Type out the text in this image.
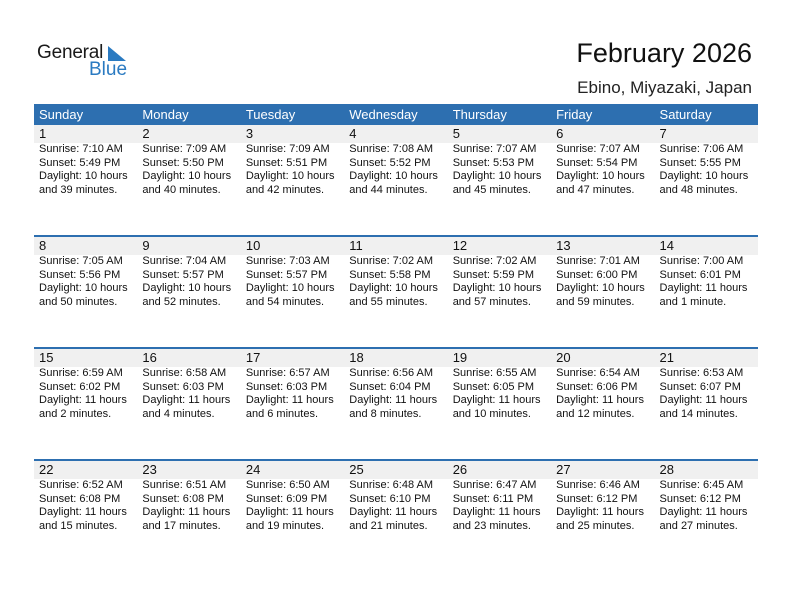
General
Blue
February 2026
Ebino, Miyazaki, Japan
Sunday	Monday	Tuesday	Wednesday	Thursday	Friday	Saturday
1	2	3	4	5	6	7
Sunrise: 7:10 AM
Sunset: 5:49 PM
Daylight: 10 hours
and 39 minutes.
Sunrise: 7:09 AM
Sunset: 5:50 PM
Daylight: 10 hours
and 40 minutes.
Sunrise: 7:09 AM
Sunset: 5:51 PM
Daylight: 10 hours
and 42 minutes.
Sunrise: 7:08 AM
Sunset: 5:52 PM
Daylight: 10 hours
and 44 minutes.
Sunrise: 7:07 AM
Sunset: 5:53 PM
Daylight: 10 hours
and 45 minutes.
Sunrise: 7:07 AM
Sunset: 5:54 PM
Daylight: 10 hours
and 47 minutes.
Sunrise: 7:06 AM
Sunset: 5:55 PM
Daylight: 10 hours
and 48 minutes.
8	9	10	11	12	13	14
Sunrise: 7:05 AM
Sunset: 5:56 PM
Daylight: 10 hours
and 50 minutes.
Sunrise: 7:04 AM
Sunset: 5:57 PM
Daylight: 10 hours
and 52 minutes.
Sunrise: 7:03 AM
Sunset: 5:57 PM
Daylight: 10 hours
and 54 minutes.
Sunrise: 7:02 AM
Sunset: 5:58 PM
Daylight: 10 hours
and 55 minutes.
Sunrise: 7:02 AM
Sunset: 5:59 PM
Daylight: 10 hours
and 57 minutes.
Sunrise: 7:01 AM
Sunset: 6:00 PM
Daylight: 10 hours
and 59 minutes.
Sunrise: 7:00 AM
Sunset: 6:01 PM
Daylight: 11 hours
and 1 minute.
15	16	17	18	19	20	21
Sunrise: 6:59 AM
Sunset: 6:02 PM
Daylight: 11 hours
and 2 minutes.
Sunrise: 6:58 AM
Sunset: 6:03 PM
Daylight: 11 hours
and 4 minutes.
Sunrise: 6:57 AM
Sunset: 6:03 PM
Daylight: 11 hours
and 6 minutes.
Sunrise: 6:56 AM
Sunset: 6:04 PM
Daylight: 11 hours
and 8 minutes.
Sunrise: 6:55 AM
Sunset: 6:05 PM
Daylight: 11 hours
and 10 minutes.
Sunrise: 6:54 AM
Sunset: 6:06 PM
Daylight: 11 hours
and 12 minutes.
Sunrise: 6:53 AM
Sunset: 6:07 PM
Daylight: 11 hours
and 14 minutes.
22	23	24	25	26	27	28
Sunrise: 6:52 AM
Sunset: 6:08 PM
Daylight: 11 hours
and 15 minutes.
Sunrise: 6:51 AM
Sunset: 6:08 PM
Daylight: 11 hours
and 17 minutes.
Sunrise: 6:50 AM
Sunset: 6:09 PM
Daylight: 11 hours
and 19 minutes.
Sunrise: 6:48 AM
Sunset: 6:10 PM
Daylight: 11 hours
and 21 minutes.
Sunrise: 6:47 AM
Sunset: 6:11 PM
Daylight: 11 hours
and 23 minutes.
Sunrise: 6:46 AM
Sunset: 6:12 PM
Daylight: 11 hours
and 25 minutes.
Sunrise: 6:45 AM
Sunset: 6:12 PM
Daylight: 11 hours
and 27 minutes.
